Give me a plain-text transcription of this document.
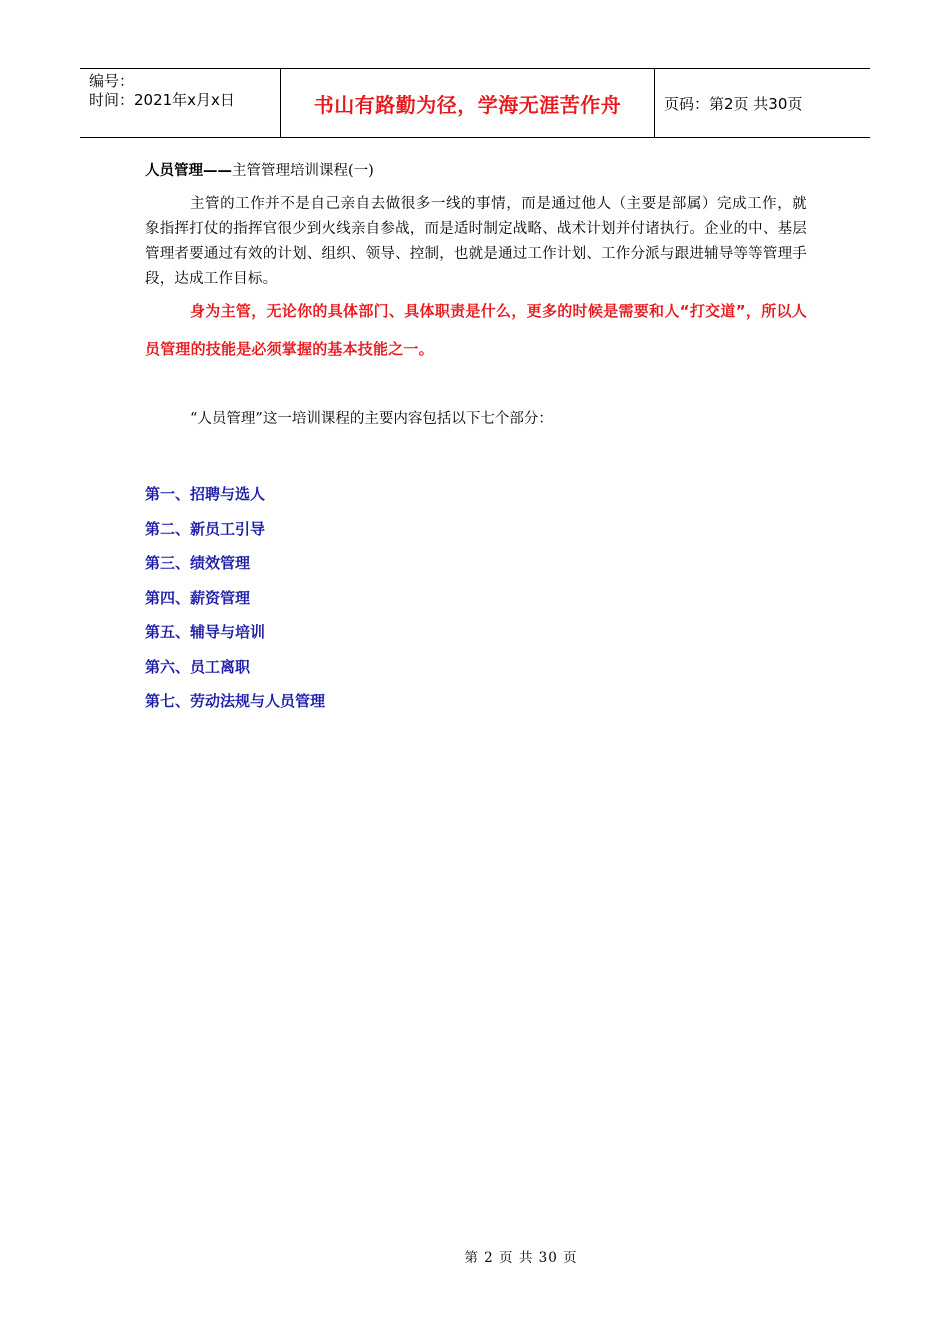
编号：
时间：2021年x月x日	书山有路勤为径，学海无涯苦作舟	页码：第2页 共30页

人员管理——主管管理培训课程(一)

主管的工作并不是自己亲自去做很多一线的事情，而是通过他人（主要是部属）完成工作，就象指挥打仗的指挥官很少到火线亲自参战，而是适时制定战略、战术计划并付诸执行。企业的中、基层管理者要通过有效的计划、组织、领导、控制，也就是通过工作计划、工作分派与跟进辅导等等管理手段，达成工作目标。

身为主管，无论你的具体部门、具体职责是什么，更多的时候是需要和人“打交道”，所以人员管理的技能是必须掌握的基本技能之一。

“人员管理”这一培训课程的主要内容包括以下七个部分：

第一、招聘与选人
第二、新员工引导
第三、绩效管理
第四、薪资管理
第五、辅导与培训
第六、员工离职
第七、劳动法规与人员管理
第 2 页 共 30 页
